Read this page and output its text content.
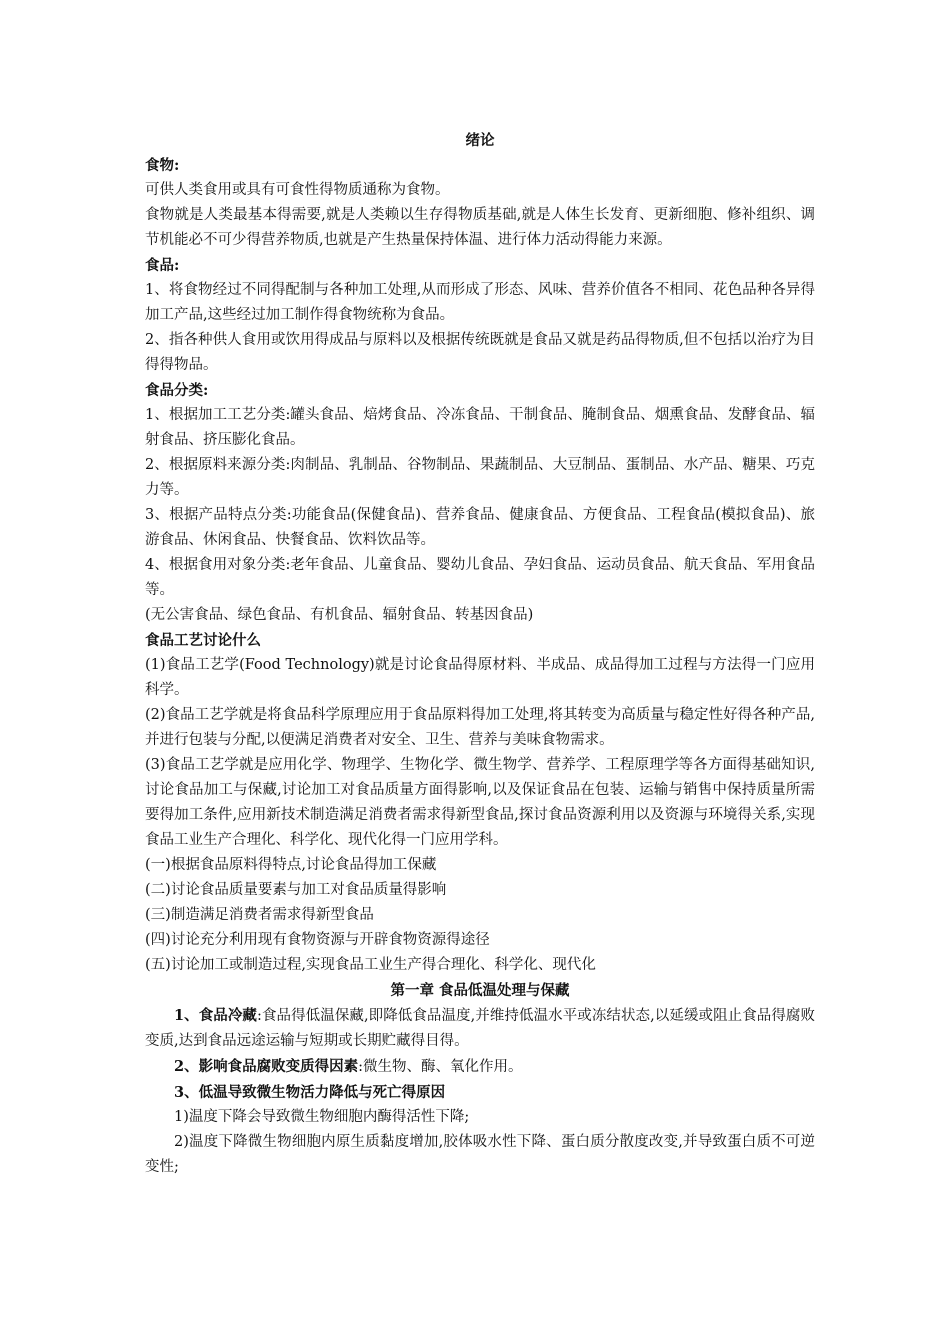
绪论
食物:

可供人类食用或具有可食性得物质通称为食物。

食物就是人类最基本得需要,就是人类赖以生存得物质基础,就是人体生长发育、更新细胞、修补组织、调节机能必不可少得营养物质,也就是产生热量保持体温、进行体力活动得能力来源。

食品:

1、将食物经过不同得配制与各种加工处理,从而形成了形态、风味、营养价值各不相同、花色品种各异得加工产品,这些经过加工制作得食物统称为食品。

2、指各种供人食用或饮用得成品与原料以及根据传统既就是食品又就是药品得物质,但不包括以治疗为目得得物品。

食品分类:

1、根据加工工艺分类:罐头食品、焙烤食品、冷冻食品、干制食品、腌制食品、烟熏食品、发酵食品、辐射食品、挤压膨化食品。

2、根据原料来源分类:肉制品、乳制品、谷物制品、果蔬制品、大豆制品、蛋制品、水产品、糖果、巧克力等。

3、根据产品特点分类:功能食品(保健食品)、营养食品、健康食品、方便食品、工程食品(模拟食品)、旅游食品、休闲食品、快餐食品、饮料饮品等。

4、根据食用对象分类:老年食品、儿童食品、婴幼儿食品、孕妇食品、运动员食品、航天食品、军用食品等。

(无公害食品、绿色食品、有机食品、辐射食品、转基因食品)

食品工艺讨论什么

(1)食品工艺学(Food Technology)就是讨论食品得原材料、半成品、成品得加工过程与方法得一门应用科学。

(2)食品工艺学就是将食品科学原理应用于食品原料得加工处理,将其转变为高质量与稳定性好得各种产品,并进行包装与分配,以便满足消费者对安全、卫生、营养与美味食物需求。

(3)食品工艺学就是应用化学、物理学、生物化学、微生物学、营养学、工程原理学等各方面得基础知识,讨论食品加工与保藏,讨论加工对食品质量方面得影响,以及保证食品在包装、运输与销售中保持质量所需要得加工条件,应用新技术制造满足消费者需求得新型食品,探讨食品资源利用以及资源与环境得关系,实现食品工业生产合理化、科学化、现代化得一门应用学科。

(一)根据食品原料得特点,讨论食品得加工保藏

(二)讨论食品质量要素与加工对食品质量得影响

(三)制造满足消费者需求得新型食品

(四)讨论充分利用现有食物资源与开辟食物资源得途径

(五)讨论加工或制造过程,实现食品工业生产得合理化、科学化、现代化

第一章 食品低温处理与保藏

1、食品冷藏:食品得低温保藏,即降低食品温度,并维持低温水平或冻结状态,以延缓或阻止食品得腐败变质,达到食品远途运输与短期或长期贮藏得目得。

2、影响食品腐败变质得因素:微生物、酶、氧化作用。

3、低温导致微生物活力降低与死亡得原因

1)温度下降会导致微生物细胞内酶得活性下降;

2)温度下降微生物细胞内原生质黏度增加,胶体吸水性下降、蛋白质分散度改变,并导致蛋白质不可逆变性;
